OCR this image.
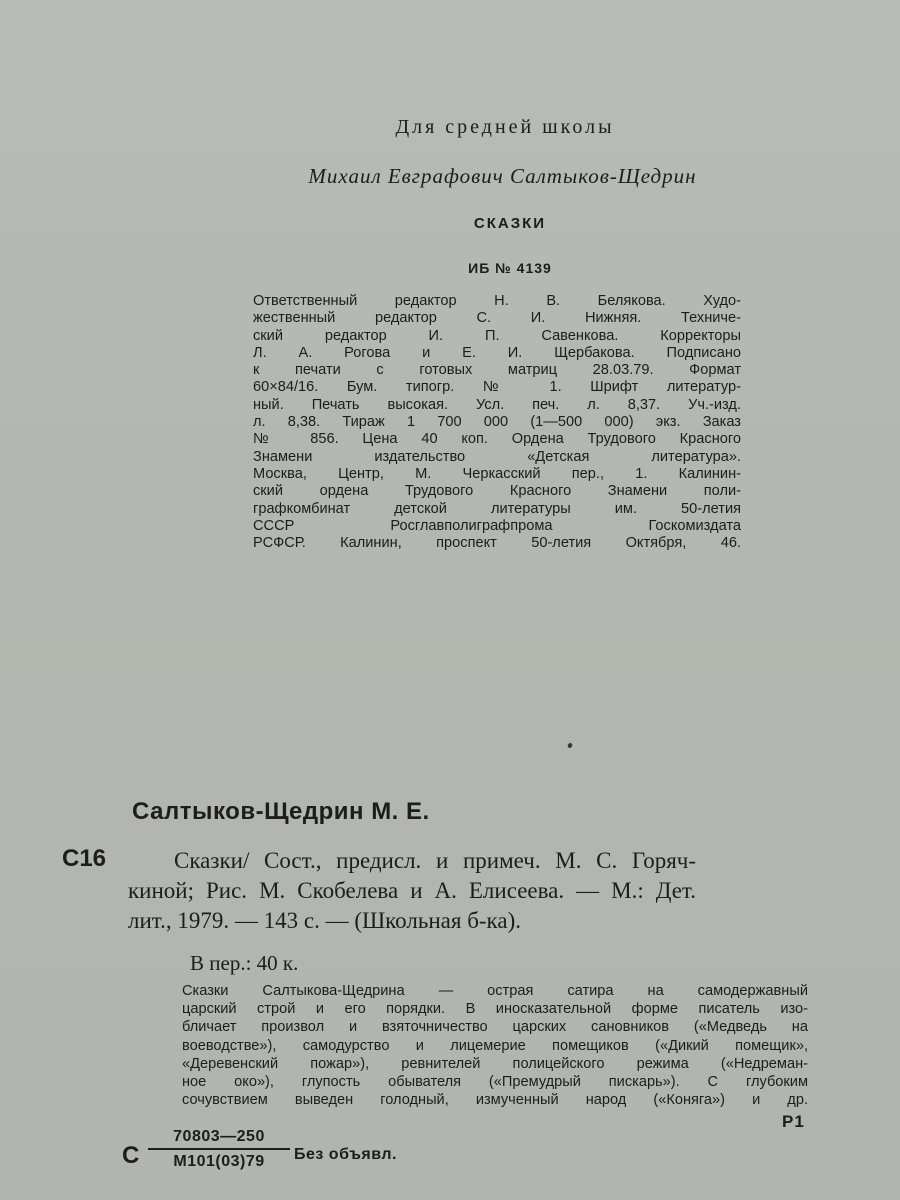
Для средней школы
Михаил Евграфович Салтыков-Щедрин
СКАЗКИ
ИБ № 4139
Ответственный редактор Н. В. Белякова. Худо-
жественный редактор С. И. Нижняя. Техниче-
ский редактор И. П. Савенкова. Корректоры
Л. А. Рогова и Е. И. Щербакова. Подписано
к печати с готовых матриц 28.03.79. Формат
60×84/16. Бум. типогр. № 1. Шрифт литератур-
ный. Печать высокая. Усл. печ. л. 8,37. Уч.-изд.
л. 8,38. Тираж 1 700 000 (1—500 000) экз. Заказ
№ 856. Цена 40 коп. Ордена Трудового Красного
Знамени издательство «Детская литература».
Москва, Центр, М. Черкасский пер., 1. Калинин-
ский ордена Трудового Красного Знамени поли-
графкомбинат детской литературы им. 50-летия
СССР Росглавполиграфпрома Госкомиздата
РСФСР. Калинин, проспект 50-летия Октября, 46.
Салтыков-Щедрин М. Е.
С16	Сказки/ Сост., предисл. и примеч. М. С. Горяч-
киной; Рис. М. Скобелева и А. Елисеева. — М.: Дет.
лит., 1979. — 143 с. — (Школьная б-ка).
В пер.: 40 к.
Сказки Салтыкова-Щедрина — острая сатира на самодержавный
царский строй и его порядки. В иносказательной форме писатель изо-
бличает произвол и взяточничество царских сановников («Медведь на
воеводстве»), самодурство и лицемерие помещиков («Дикий помещик»,
«Деревенский пожар»), ревнителей полицейского режима («Недреман-
ное око»), глупость обывателя («Премудрый пискарь»). С глубоким
сочувствием выведен голодный, измученный народ («Коняга») и др.
Р1
С
70803—250
М101(03)79	Без объявл.
